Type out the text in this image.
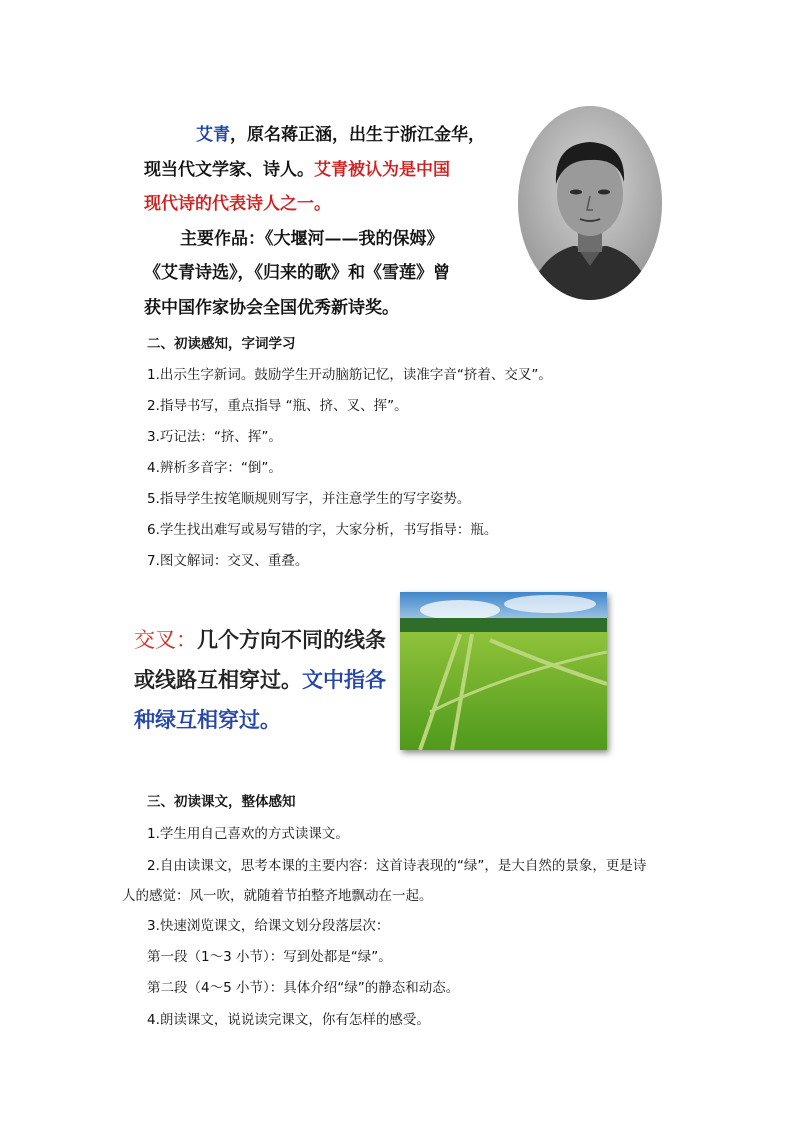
艾青，原名蒋正涵，出生于浙江金华，
现当代文学家、诗人。艾青被认为是中国
现代诗的代表诗人之一。
主要作品：《大堰河——我的保姆》
《艾青诗选》，《归来的歌》和《雪莲》曾
获中国作家协会全国优秀新诗奖。
二、初读感知，字词学习
1.出示生字新词。鼓励学生开动脑筋记忆，读准字音“挤着、交叉”。
2.指导书写，重点指导 “瓶、挤、叉、挥”。
3.巧记法：“挤、挥”。
4.辨析多音字：“倒”。
5.指导学生按笔顺规则写字，并注意学生的写字姿势。
6.学生找出难写或易写错的字，大家分析，书写指导：瓶。
7.图文解词：交叉、重叠。
交叉：几个方向不同的线条
或线路互相穿过。文中指各
种绿互相穿过。
三、初读课文，整体感知
1.学生用自己喜欢的方式读课文。
2.自由读课文，思考本课的主要内容：这首诗表现的“绿”，是大自然的景象，更是诗
人的感觉：风一吹，就随着节拍整齐地飘动在一起。
3.快速浏览课文，给课文划分段落层次：
第一段（1～3 小节）：写到处都是“绿”。
第二段（4～5 小节）：具体介绍“绿”的静态和动态。
4.朗读课文，说说读完课文，你有怎样的感受。
